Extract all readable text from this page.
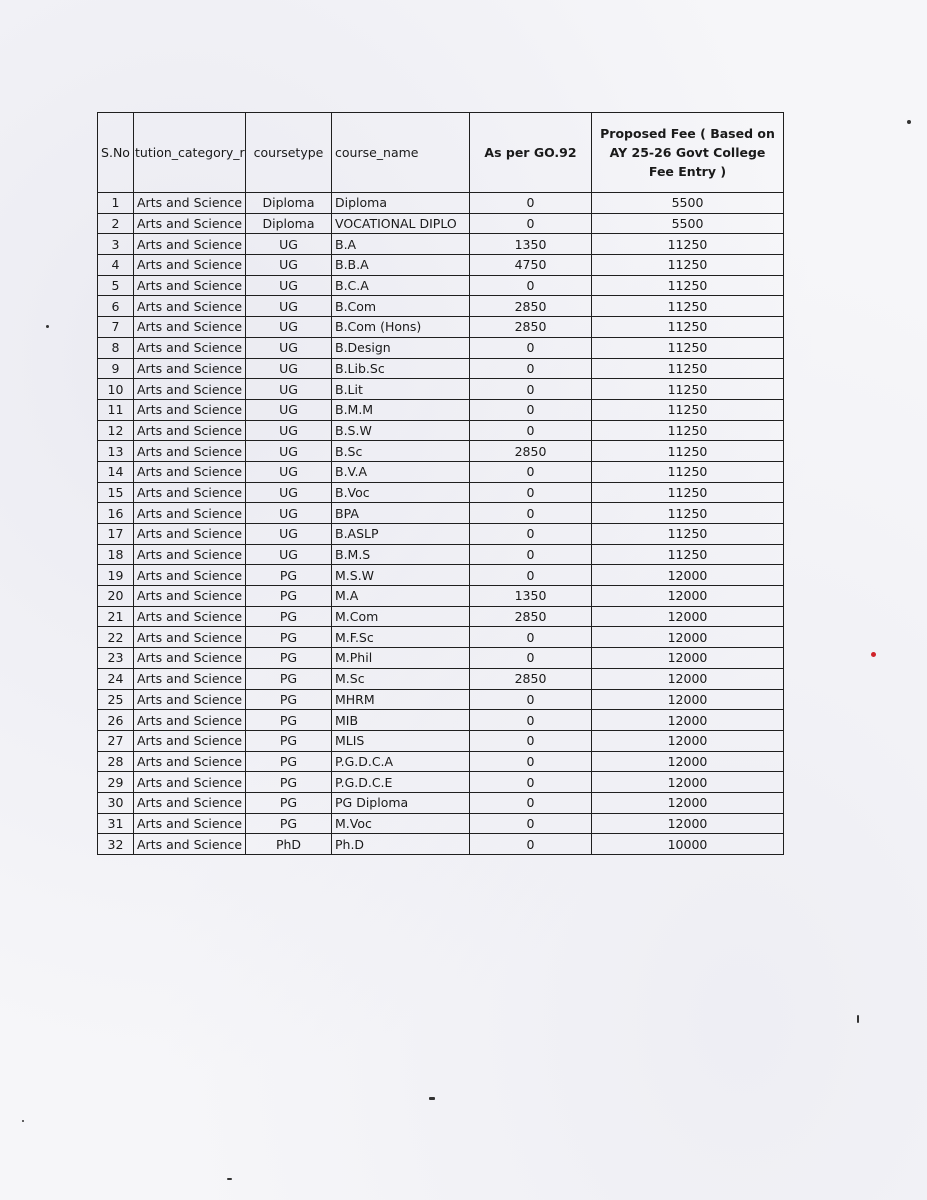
S.No	tution_category_r	coursetype	course_name	As per GO.92	Proposed Fee ( Based on AY 25-26 Govt College Fee Entry )
1	Arts and Science	Diploma	Diploma	0	5500
2	Arts and Science	Diploma	VOCATIONAL DIPLO	0	5500
3	Arts and Science	UG	B.A	1350	11250
4	Arts and Science	UG	B.B.A	4750	11250
5	Arts and Science	UG	B.C.A	0	11250
6	Arts and Science	UG	B.Com	2850	11250
7	Arts and Science	UG	B.Com (Hons)	2850	11250
8	Arts and Science	UG	B.Design	0	11250
9	Arts and Science	UG	B.Lib.Sc	0	11250
10	Arts and Science	UG	B.Lit	0	11250
11	Arts and Science	UG	B.M.M	0	11250
12	Arts and Science	UG	B.S.W	0	11250
13	Arts and Science	UG	B.Sc	2850	11250
14	Arts and Science	UG	B.V.A	0	11250
15	Arts and Science	UG	B.Voc	0	11250
16	Arts and Science	UG	BPA	0	11250
17	Arts and Science	UG	B.ASLP	0	11250
18	Arts and Science	UG	B.M.S	0	11250
19	Arts and Science	PG	M.S.W	0	12000
20	Arts and Science	PG	M.A	1350	12000
21	Arts and Science	PG	M.Com	2850	12000
22	Arts and Science	PG	M.F.Sc	0	12000
23	Arts and Science	PG	M.Phil	0	12000
24	Arts and Science	PG	M.Sc	2850	12000
25	Arts and Science	PG	MHRM	0	12000
26	Arts and Science	PG	MIB	0	12000
27	Arts and Science	PG	MLIS	0	12000
28	Arts and Science	PG	P.G.D.C.A	0	12000
29	Arts and Science	PG	P.G.D.C.E	0	12000
30	Arts and Science	PG	PG Diploma	0	12000
31	Arts and Science	PG	M.Voc	0	12000
32	Arts and Science	PhD	Ph.D	0	10000
